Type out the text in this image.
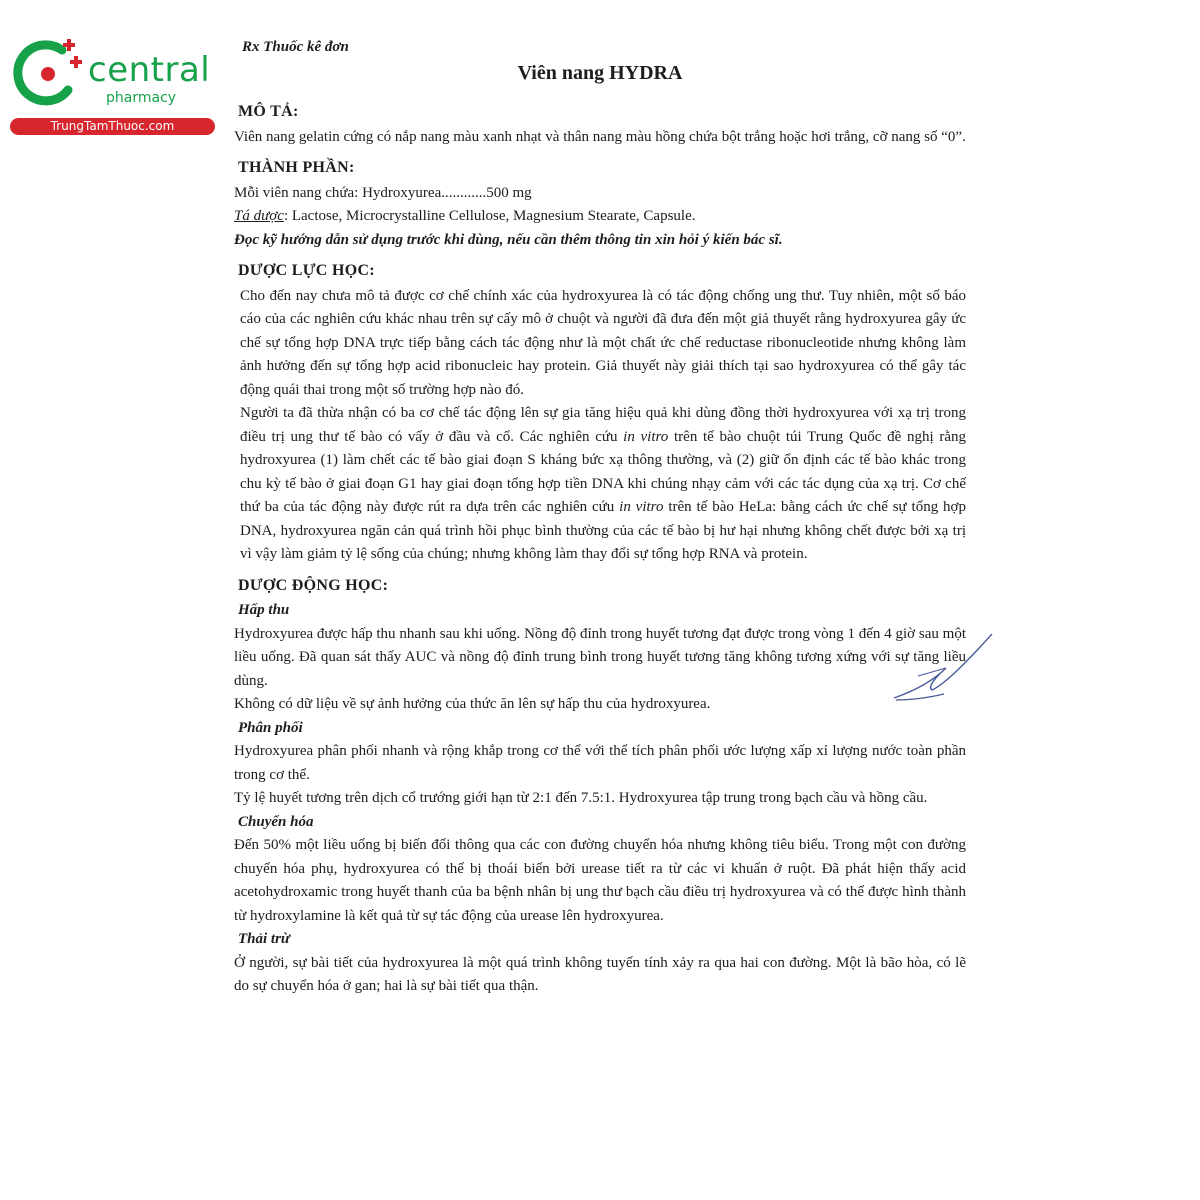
central
pharmacy
TrungTamThuoc.com
Rx Thuốc kê đơn
Viên nang HYDRA
MÔ TẢ:

Viên nang gelatin cứng có nắp nang màu xanh nhạt và thân nang màu hồng chứa bột trắng hoặc hơi trắng, cỡ nang số “0”.

THÀNH PHẦN:

Mỗi viên nang chứa: Hydroxyurea............500 mg

Tá dược: Lactose, Microcrystalline Cellulose, Magnesium Stearate, Capsule.

Đọc kỹ hướng dẫn sử dụng trước khi dùng, nếu cần thêm thông tin xin hỏi ý kiến bác sĩ.

DƯỢC LỰC HỌC:

Cho đến nay chưa mô tả được cơ chế chính xác của hydroxyurea là có tác động chống ung thư. Tuy nhiên, một số báo cáo của các nghiên cứu khác nhau trên sự cấy mô ở chuột và người đã đưa đến một giả thuyết rằng hydroxyurea gây ức chế sự tổng hợp DNA trực tiếp bằng cách tác động như là một chất ức chế reductase ribonucleotide nhưng không làm ảnh hưởng đến sự tổng hợp acid ribonucleic hay protein. Giả thuyết này giải thích tại sao hydroxyurea có thể gây tác động quái thai trong một số trường hợp nào đó.

Người ta đã thừa nhận có ba cơ chế tác động lên sự gia tăng hiệu quả khi dùng đồng thời hydroxyurea với xạ trị trong điều trị ung thư tế bào có vẩy ở đầu và cổ. Các nghiên cứu in vitro trên tế bào chuột túi Trung Quốc đề nghị rằng hydroxyurea (1) làm chết các tế bào giai đoạn S kháng bức xạ thông thường, và (2) giữ ổn định các tế bào khác trong chu kỳ tế bào ở giai đoạn G1 hay giai đoạn tổng hợp tiền DNA khi chúng nhạy cảm với các tác dụng của xạ trị. Cơ chế thứ ba của tác động này được rút ra dựa trên các nghiên cứu in vitro trên tế bào HeLa: bằng cách ức chế sự tổng hợp DNA, hydroxyurea ngăn cản quá trình hồi phục bình thường của các tế bào bị hư hại nhưng không chết được bởi xạ trị vì vậy làm giảm tỷ lệ sống của chúng; nhưng không làm thay đổi sự tổng hợp RNA và protein.

DƯỢC ĐỘNG HỌC:
Hấp thu

Hydroxyurea được hấp thu nhanh sau khi uống. Nồng độ đỉnh trong huyết tương đạt được trong vòng 1 đến 4 giờ sau một liều uống. Đã quan sát thấy AUC và nồng độ đỉnh trung bình trong huyết tương tăng không tương xứng với sự tăng liều dùng.

Không có dữ liệu về sự ảnh hưởng của thức ăn lên sự hấp thu của hydroxyurea.

Phân phối

Hydroxyurea phân phối nhanh và rộng khắp trong cơ thể với thể tích phân phối ước lượng xấp xỉ lượng nước toàn phần trong cơ thể.

Tỷ lệ huyết tương trên dịch cổ trướng giới hạn từ 2:1 đến 7.5:1. Hydroxyurea tập trung trong bạch cầu và hồng cầu.

Chuyển hóa

Đến 50% một liều uống bị biến đổi thông qua các con đường chuyển hóa nhưng không tiêu biểu. Trong một con đường chuyển hóa phụ, hydroxyurea có thể bị thoái biến bởi urease tiết ra từ các vi khuẩn ở ruột. Đã phát hiện thấy acid acetohydroxamic trong huyết thanh của ba bệnh nhân bị ung thư bạch cầu điều trị hydroxyurea và có thể được hình thành từ hydroxylamine là kết quả từ sự tác động của urease lên hydroxyurea.

Thải trừ

Ở người, sự bài tiết của hydroxyurea là một quá trình không tuyến tính xảy ra qua hai con đường. Một là bão hòa, có lẽ do sự chuyển hóa ở gan; hai là sự bài tiết qua thận.
